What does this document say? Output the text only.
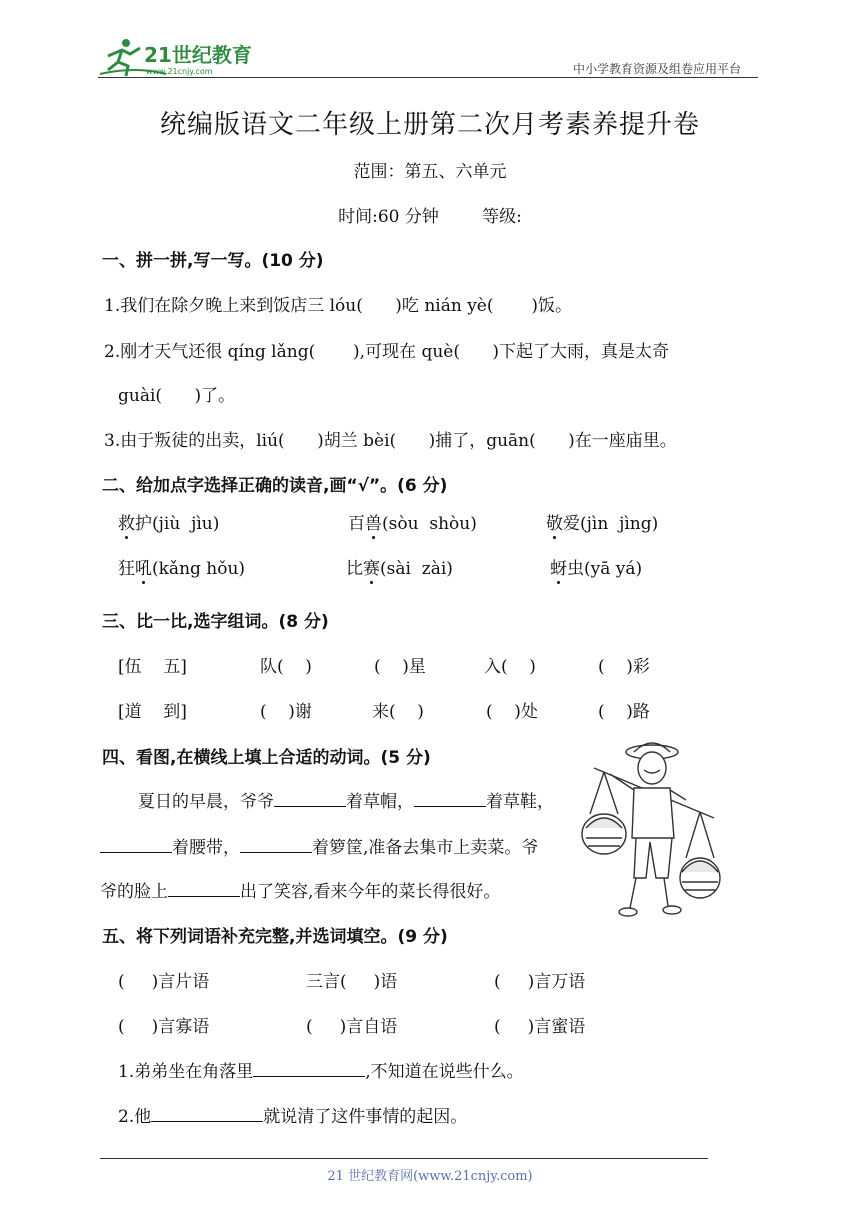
21世纪教育
www.21cnjy.com	中小学教育资源及组卷应用平台
统编版语文二年级上册第二次月考素养提升卷
范围：第五、六单元
时间:60 分钟        等级:
一、拼一拼,写一写。(10 分)
1.我们在除夕晚上来到饭店三 lóu(      )吃 nián yè(       )饭。
2.刚才天气还很 qíng lǎng(       ),可现在 què(      )下起了大雨，真是太奇
guài(      )了。
3.由于叛徒的出卖，liú(      )胡兰 bèi(      )捕了，guān(      )在一座庙里。
二、给加点字选择正确的读音,画“√”。(6 分)
救护(jiù  jìu)	百兽(sòu  shòu)	敬爱(jìn  jìng)
狂吼(kǎng hǒu)	比赛(sài  zài)	蚜虫(yā yá)
三、比一比,选字组词。(8 分)
[伍    五]	队(    )	(    )星	入(    )	(    )彩
[道    到]	(    )谢	来(    )	(    )处	(    )路
四、看图,在横线上填上合适的动词。(5 分)
夏日的早晨，爷爷	着草帽，	着草鞋，
着腰带，	着箩筐,准备去集市上卖菜。爷
爷的脸上	出了笑容,看来今年的菜长得很好。
五、将下列词语补充完整,并选词填空。(9 分)
(     )言片语	三言(     )语	(     )言万语
(     )言寡语	(     )言自语	(     )言蜜语
1.弟弟坐在角落里	,不知道在说些什么。
2.他	就说清了这件事情的起因。
21 世纪教育网(www.21cnjy.com)
